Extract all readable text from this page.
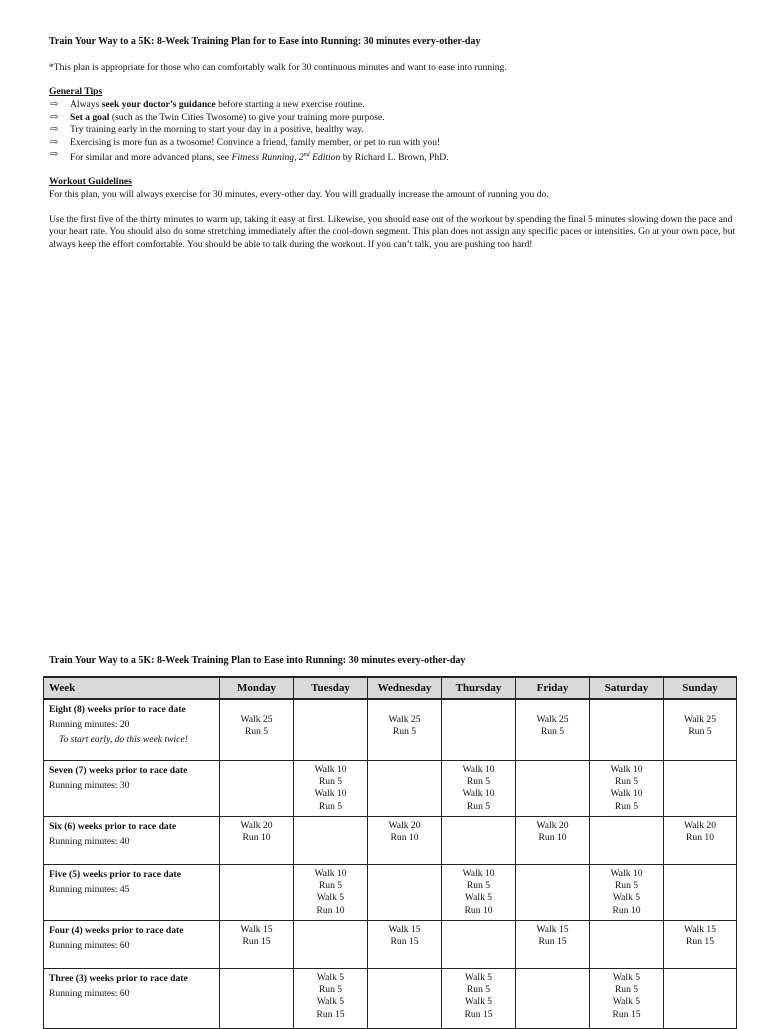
Train Your Way to a 5K: 8-Week Training Plan for to Ease into Running: 30 minutes every-other-day
*This plan is appropriate for those who can comfortably walk for 30 continuous minutes and want to ease into running.
General Tips
⇨ Always seek your doctor’s guidance before starting a new exercise routine.
⇨ Set a goal (such as the Twin Cities Twosome) to give your training more purpose.
⇨ Try training early in the morning to start your day in a positive, healthy way.
⇨ Exercising is more fun as a twosome! Convince a friend, family member, or pet to run with you!
⇨ For similar and more advanced plans, see Fitness Running, 2nd Edition by Richard L. Brown, PhD.
Workout Guidelines
For this plan, you will always exercise for 30 minutes, every-other day. You will gradually increase the amount of running you do.
Use the first five of the thirty minutes to warm up, taking it easy at first. Likewise, you should ease out of the workout by spending the final 5 minutes slowing down the pace and your heart rate. You should also do some stretching immediately after the cool-down segment. This plan does not assign any specific paces or intensities. Go at your own pace, but always keep the effort comfortable. You should be able to talk during the workout. If you can’t talk, you are pushing too hard!
Train Your Way to a 5K: 8-Week Training Plan to Ease into Running: 30 minutes every-other-day
Week	Monday	Tuesday	Wednesday	Thursday	Friday	Saturday	Sunday

Eight (8) weeks prior to race date
Running minutes: 20
To start early, do this week twice!	Walk 25
Run 5		Walk 25
Run 5		Walk 25
Run 5		Walk 25
Run 5

Seven (7) weeks prior to race date
Running minutes: 30		Walk 10
Run 5
Walk 10
Run 5		Walk 10
Run 5
Walk 10
Run 5		Walk 10
Run 5
Walk 10
Run 5	

Six (6) weeks prior to race date
Running minutes: 40	Walk 20
Run 10		Walk 20
Run 10		Walk 20
Run 10		Walk 20
Run 10

Five (5) weeks prior to race date
Running minutes: 45		Walk 10
Run 5
Walk 5
Run 10		Walk 10
Run 5
Walk 5
Run 10		Walk 10
Run 5
Walk 5
Run 10	

Four (4) weeks prior to race date
Running minutes: 60	Walk 15
Run 15		Walk 15
Run 15		Walk 15
Run 15		Walk 15
Run 15

Three (3) weeks prior to race date
Running minutes: 60		Walk 5
Run 5
Walk 5
Run 15		Walk 5
Run 5
Walk 5
Run 15		Walk 5
Run 5
Walk 5
Run 15	
